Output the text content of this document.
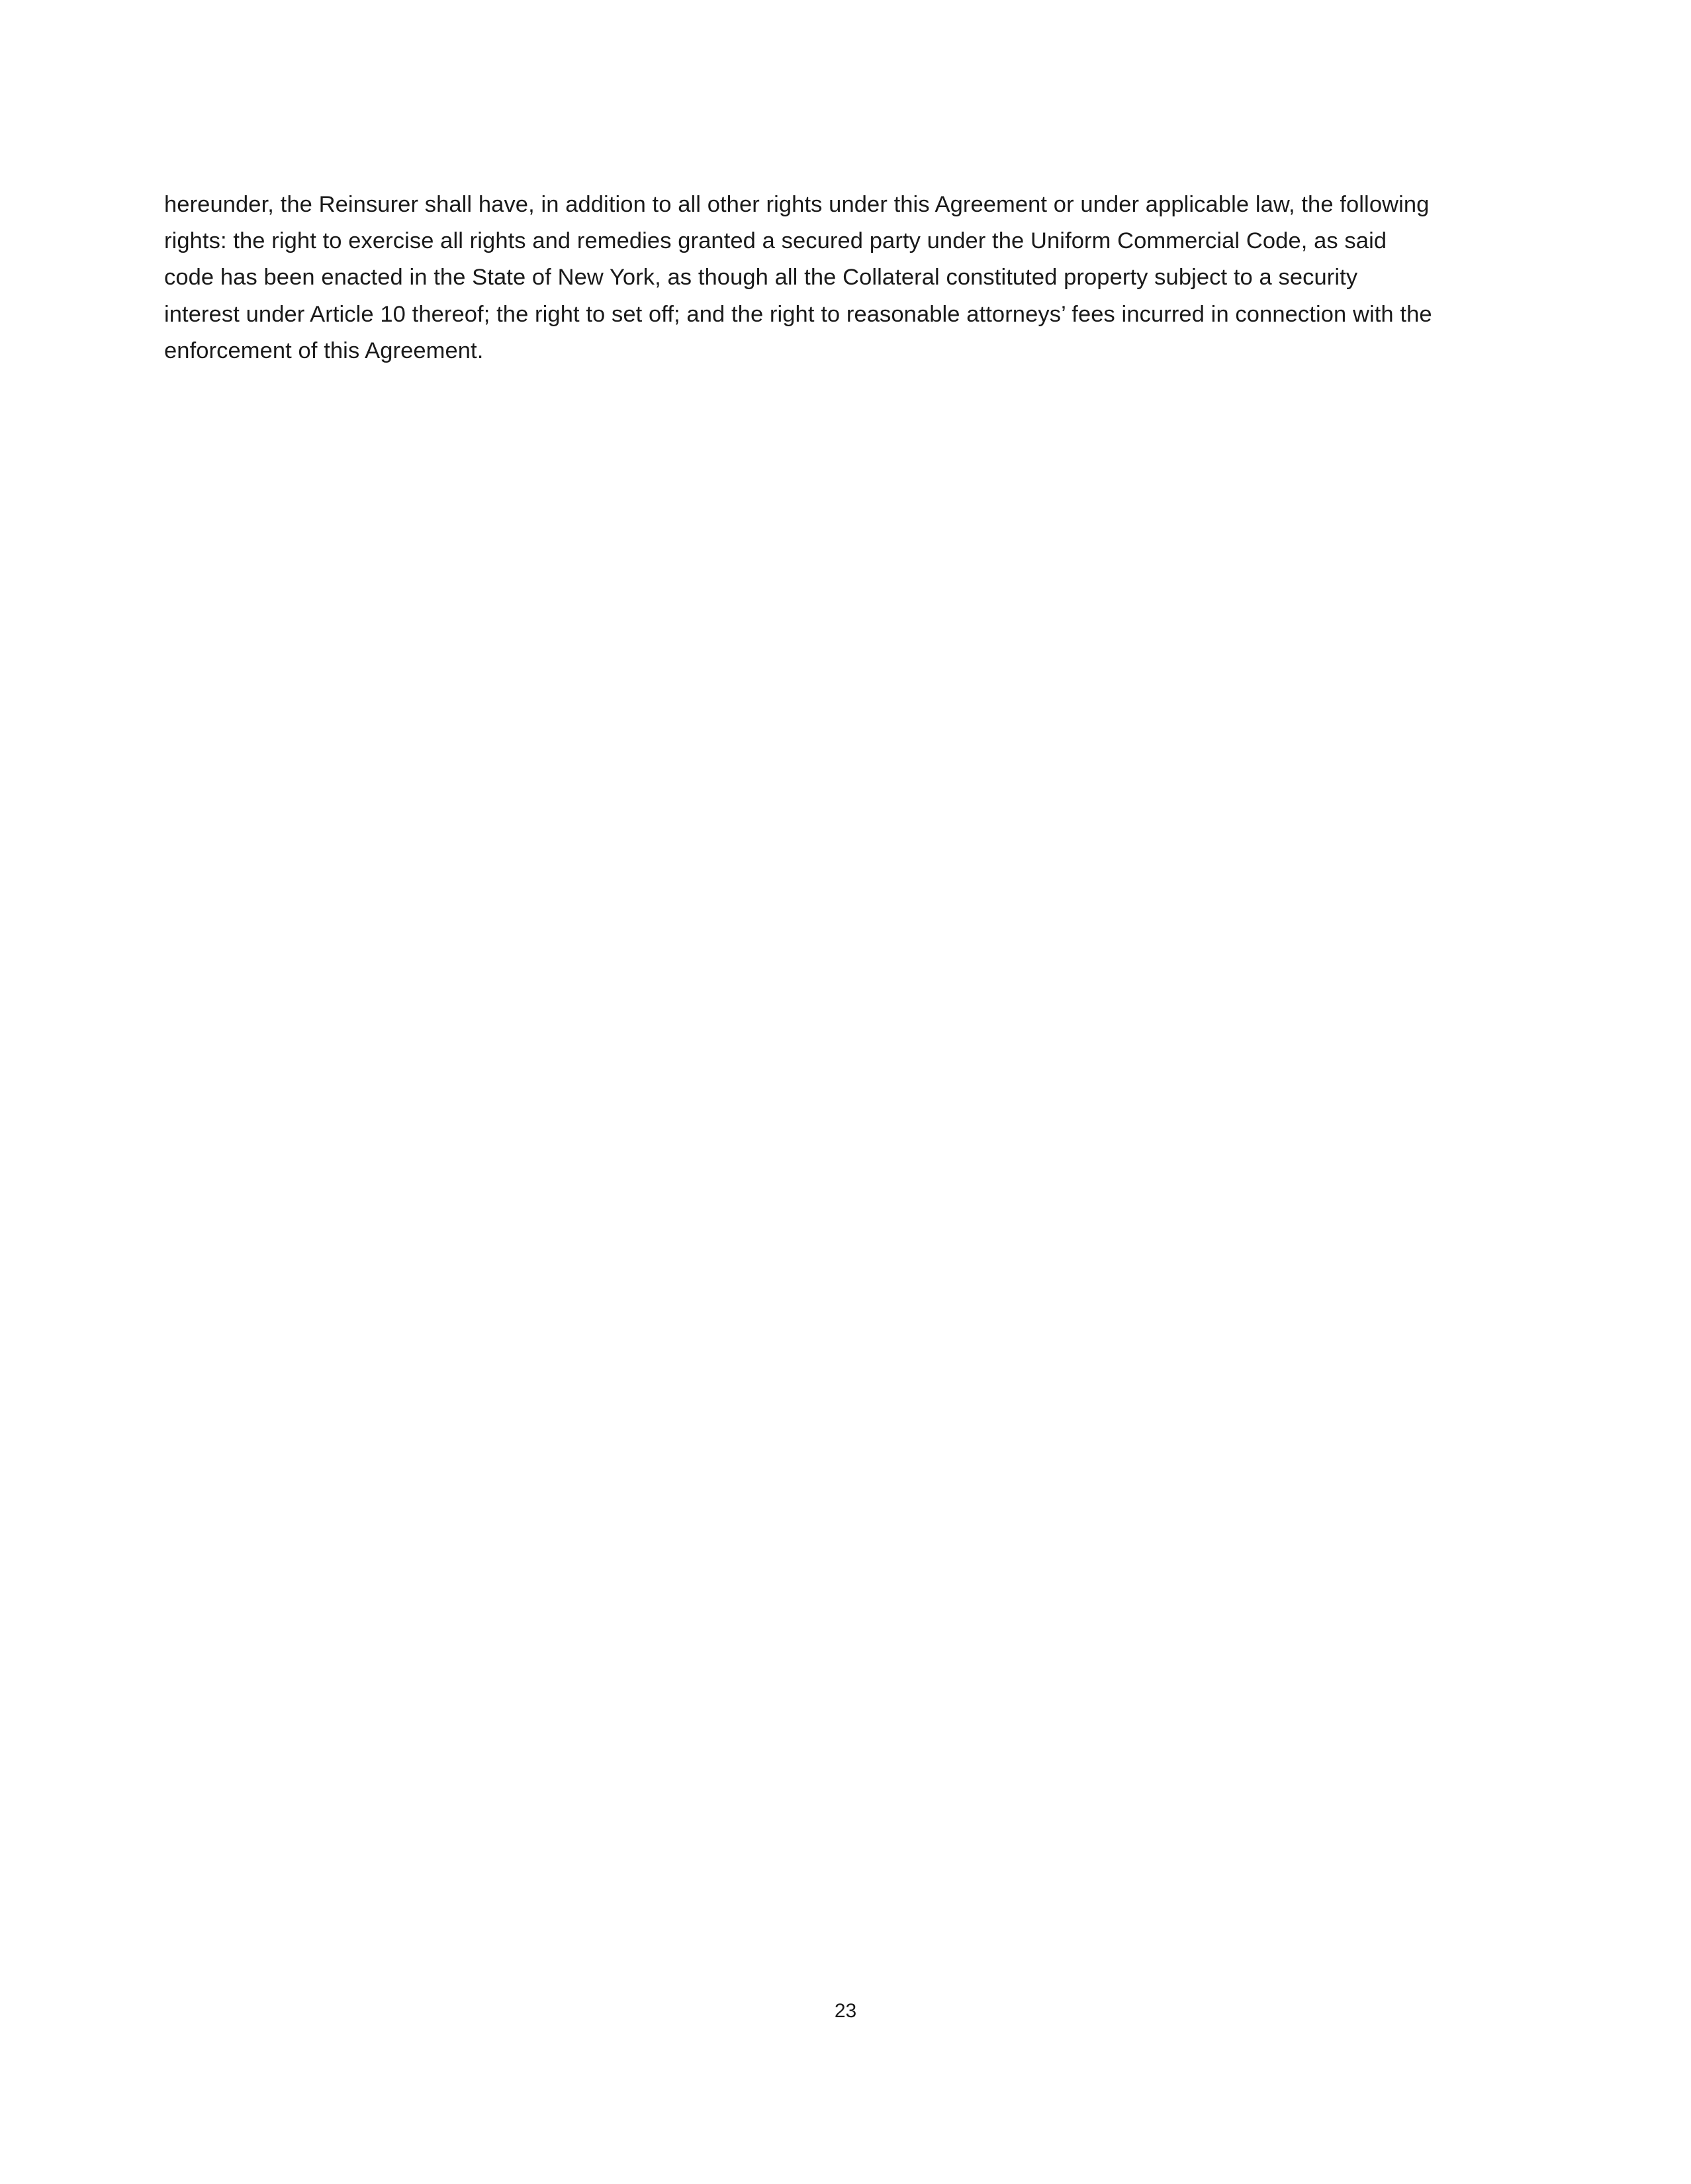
hereunder, the Reinsurer shall have, in addition to all other rights under this Agreement or under applicable law, the following rights: the right to exercise all rights and remedies granted a secured party under the Uniform Commercial Code, as said code has been enacted in the State of New York, as though all the Collateral constituted property subject to a security interest under Article 10 thereof; the right to set off; and the right to reasonable attorneys’ fees incurred in connection with the enforcement of this Agreement.

23
